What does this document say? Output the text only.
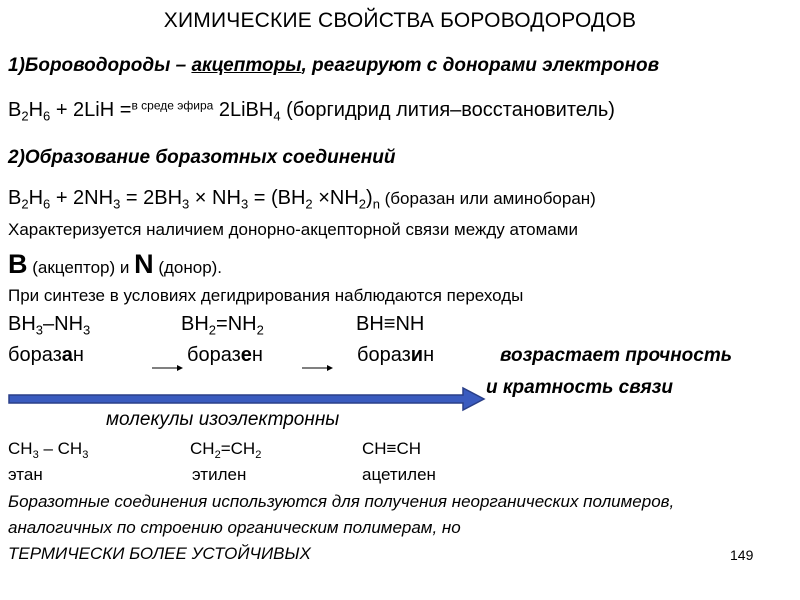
ХИМИЧЕСКИЕ СВОЙСТВА БОРОВОДОРОДОВ
1)Бороводороды – акцепторы, реагируют с донорами электронов
$B_2H_6 + 2LiH =^{в среде эфира}$ 2LiBH$_4$ (боргидрид лития–восстановитель)
2)Образование боразотных соединений
$B_2H_6 + 2NH_3 = 2BH_3 \times NH_3 = (BH_2 \times NH_2)_n$ (боразан или аминоборан)
Характеризуется наличием донорно-акцепторной связи между атомами
B (акцептор) и N (донор).
При синтезе в условиях дегидрирования наблюдаются переходы
$BH_3-NH_3$	$BH_2=NH_2$	BH≡NH
боразан	боразен	боразин	возрастает прочность
и кратность связи
молекулы изоэлектронны
$CH_3 - CH_3$	$CH_2=CH_2$	CH≡CH
этан	этилен	ацетилен
Боразотные соединения используются для получения неорганических полимеров,
аналогичных по строению органическим полимерам, но
ТЕРМИЧЕСКИ БОЛЕЕ УСТОЙЧИВЫХ	149
